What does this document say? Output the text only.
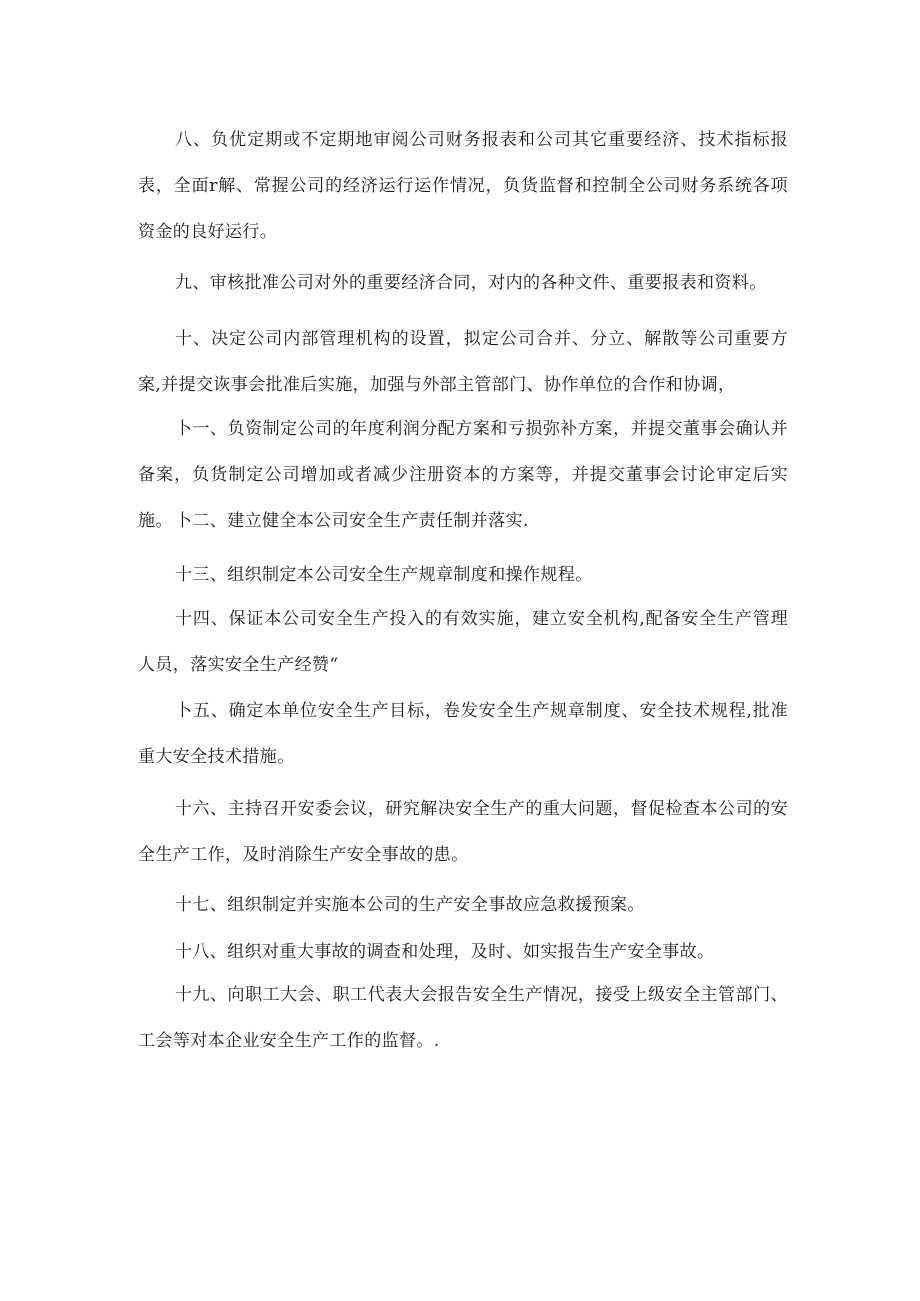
八、负优定期或不定期地审阅公司财务报表和公司其它重要经济、技术指标报表，全面r解、常握公司的经济运行运作情况，负货监督和控制全公司财务系统各项资金的良好运行。

九、审核批准公司对外的重要经济合同，对内的各种文件、重要报表和资料。

十、决定公司内部管理机构的设置，拟定公司合并、分立、解散等公司重要方案,并提交诙事会批准后实施，加强与外部主管部门、协作单位的合作和协调，

卜一、负资制定公司的年度利润分配方案和亏损弥补方案，并提交董事会确认并备案，负货制定公司增加或者减少注册资本的方案等，并提交董事会讨论审定后实施。 卜二、建立健全本公司安全生产责任制并落实.

十三、组织制定本公司安全生产规章制度和操作规程。

十四、保证本公司安全生产投入的有效实施，建立安全机构,配备安全生产管理人员，落实安全生产经赞“

卜五、确定本单位安全生产目标，卷发安全生产规章制度、安全技术规程,批准重大安全技术措施。

十六、主持召开安委会议，研究解决安全生产的重大问题，督促检查本公司的安全生产工作，及时消除生产安全事故的患。

十七、组织制定并实施本公司的生产安全事故应急救援预案。

十八、组织对重大事故的调查和处理，及时、如实报告生产安全事故。

十九、向职工大会、职工代表大会报告安全生产情况，接受上级安全主管部门、工会等对本企业安全生产工作的监督。.
